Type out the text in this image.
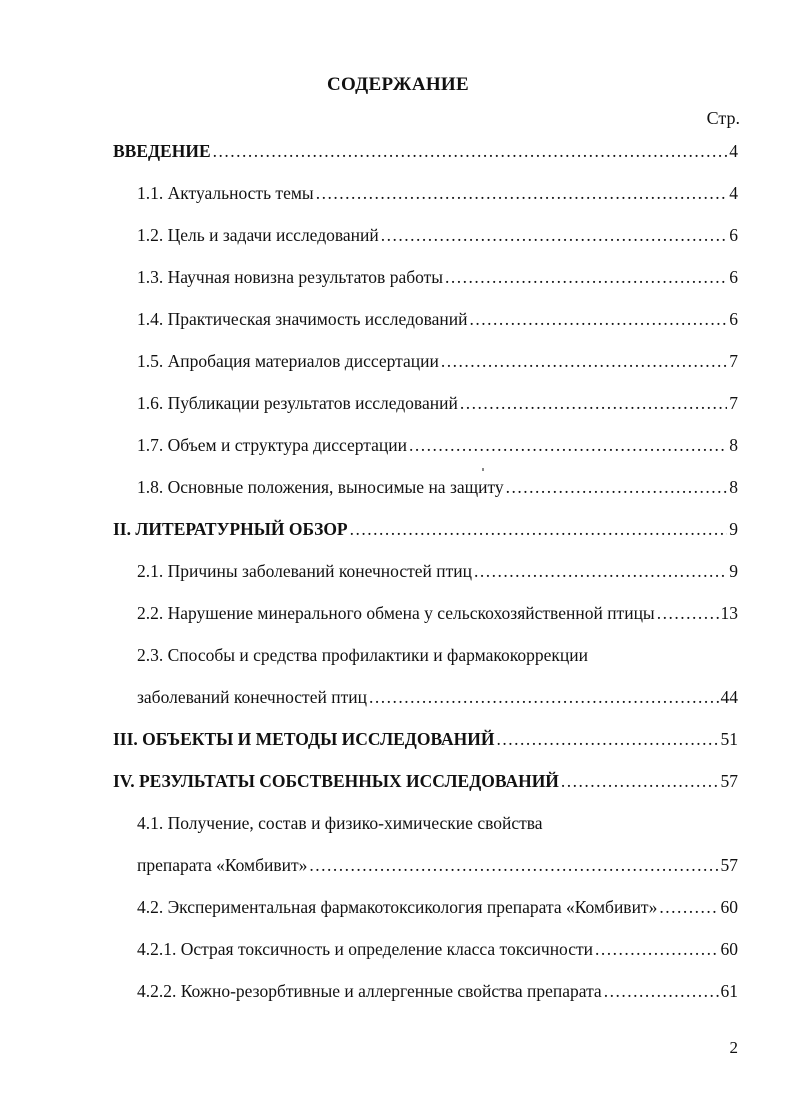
СОДЕРЖАНИЕ
Стр.
ВВЕДЕНИЕ .....	4
1.1. Актуальность темы .....	4
1.2. Цель и задачи исследований .....	6
1.3. Научная новизна результатов работы .....	6
1.4. Практическая значимость исследований .....	6
1.5. Апробация материалов диссертации .....	7
1.6. Публикации результатов исследований .....	7
1.7. Объем и структура диссертации .....	8
1.8. Основные положения, выносимые на защиту .....	8
II. ЛИТЕРАТУРНЫЙ ОБЗОР .....	9
2.1. Причины заболеваний конечностей птиц .....	9
2.2. Нарушение минерального обмена у сельскохозяйственной птицы .....	13
2.3. Способы и средства профилактики и фармакокоррекции
заболеваний конечностей птиц .....	44
III. ОБЪЕКТЫ И МЕТОДЫ ИССЛЕДОВАНИЙ .....	51
IV. РЕЗУЛЬТАТЫ СОБСТВЕННЫХ ИССЛЕДОВАНИЙ .....	57
4.1. Получение, состав и физико-химические свойства
препарата «Комбивит» .....	57
4.2. Экспериментальная фармакотоксикология препарата «Комбивит» .....	60
4.2.1. Острая токсичность и определение класса токсичности .....	60
4.2.2. Кожно-резорбтивные и аллергенные свойства препарата .....	61
2
